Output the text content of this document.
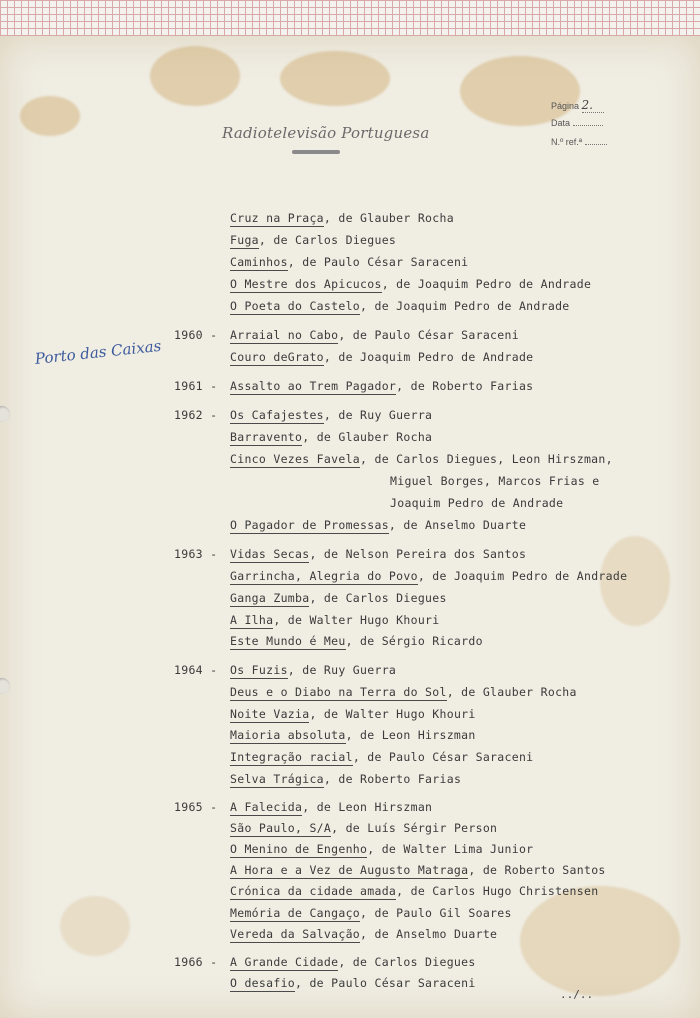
Radiotelevisão Portuguesa
Página 2.
Data
N.º ref.ª
Porto das Caixas
Cruz na Praça, de Glauber Rocha
Fuga, de Carlos Diegues
Caminhos, de Paulo César Saraceni
O Mestre dos Apicucos, de Joaquim Pedro de Andrade
O Poeta do Castelo, de Joaquim Pedro de Andrade
1960 - Arraial no Cabo, de Paulo César Saraceni
Couro deGrato, de Joaquim Pedro de Andrade
1961 - Assalto ao Trem Pagador, de Roberto Farias
1962 - Os Cafajestes, de Ruy Guerra
Barravento, de Glauber Rocha
Cinco Vezes Favela, de Carlos Diegues, Leon Hirszman,
Miguel Borges, Marcos Frias e
Joaquim Pedro de Andrade
O Pagador de Promessas, de Anselmo Duarte
1963 - Vidas Secas, de Nelson Pereira dos Santos
Garrincha, Alegria do Povo, de Joaquim Pedro de Andrade
Ganga Zumba, de Carlos Diegues
A Ilha, de Walter Hugo Khouri
Este Mundo é Meu, de Sérgio Ricardo
1964 - Os Fuzis, de Ruy Guerra
Deus e o Diabo na Terra do Sol, de Glauber Rocha
Noite Vazia, de Walter Hugo Khouri
Maioria absoluta, de Leon Hirszman
Integração racial, de Paulo César Saraceni
Selva Trágica, de Roberto Farias
1965 - A Falecida, de Leon Hirszman
São Paulo, S/A, de Luís Sérgir Person
O Menino de Engenho, de Walter Lima Junior
A Hora e a Vez de Augusto Matraga, de Roberto Santos
Crónica da cidade amada, de Carlos Hugo Christensen
Memória de Cangaço, de Paulo Gil Soares
Vereda da Salvação, de Anselmo Duarte
1966 - A Grande Cidade, de Carlos Diegues
O desafio, de Paulo César Saraceni
../..
